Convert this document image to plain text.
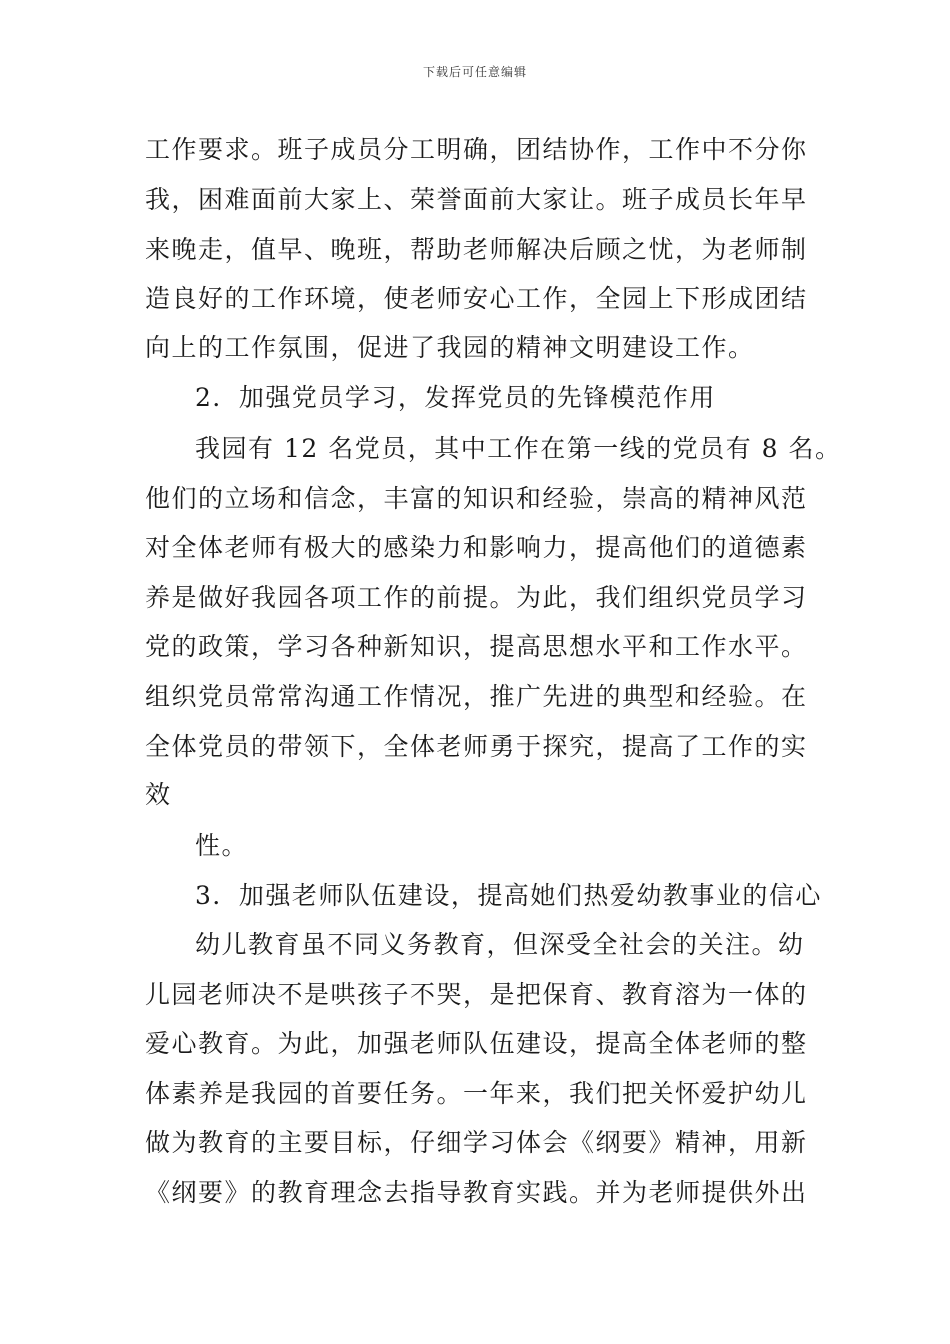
下载后可任意编辑
工作要求。班子成员分工明确，团结协作，工作中不分你
我，困难面前大家上、荣誉面前大家让。班子成员长年早
来晚走，值早、晚班，帮助老师解决后顾之忧，为老师制
造良好的工作环境，使老师安心工作，全园上下形成团结
向上的工作氛围，促进了我园的精神文明建设工作。
2．加强党员学习，发挥党员的先锋模范作用
我园有 12 名党员，其中工作在第一线的党员有 8 名。
他们的立场和信念，丰富的知识和经验，崇高的精神风范
对全体老师有极大的感染力和影响力，提高他们的道德素
养是做好我园各项工作的前提。为此，我们组织党员学习
党的政策，学习各种新知识，提高思想水平和工作水平。
组织党员常常沟通工作情况，推广先进的典型和经验。在
全体党员的带领下，全体老师勇于探究，提高了工作的实
效
性。
3．加强老师队伍建设，提高她们热爱幼教事业的信心
幼儿教育虽不同义务教育，但深受全社会的关注。幼
儿园老师决不是哄孩子不哭，是把保育、教育溶为一体的
爱心教育。为此，加强老师队伍建设，提高全体老师的整
体素养是我园的首要任务。一年来，我们把关怀爱护幼儿
做为教育的主要目标，仔细学习体会《纲要》精神，用新
《纲要》的教育理念去指导教育实践。并为老师提供外出
